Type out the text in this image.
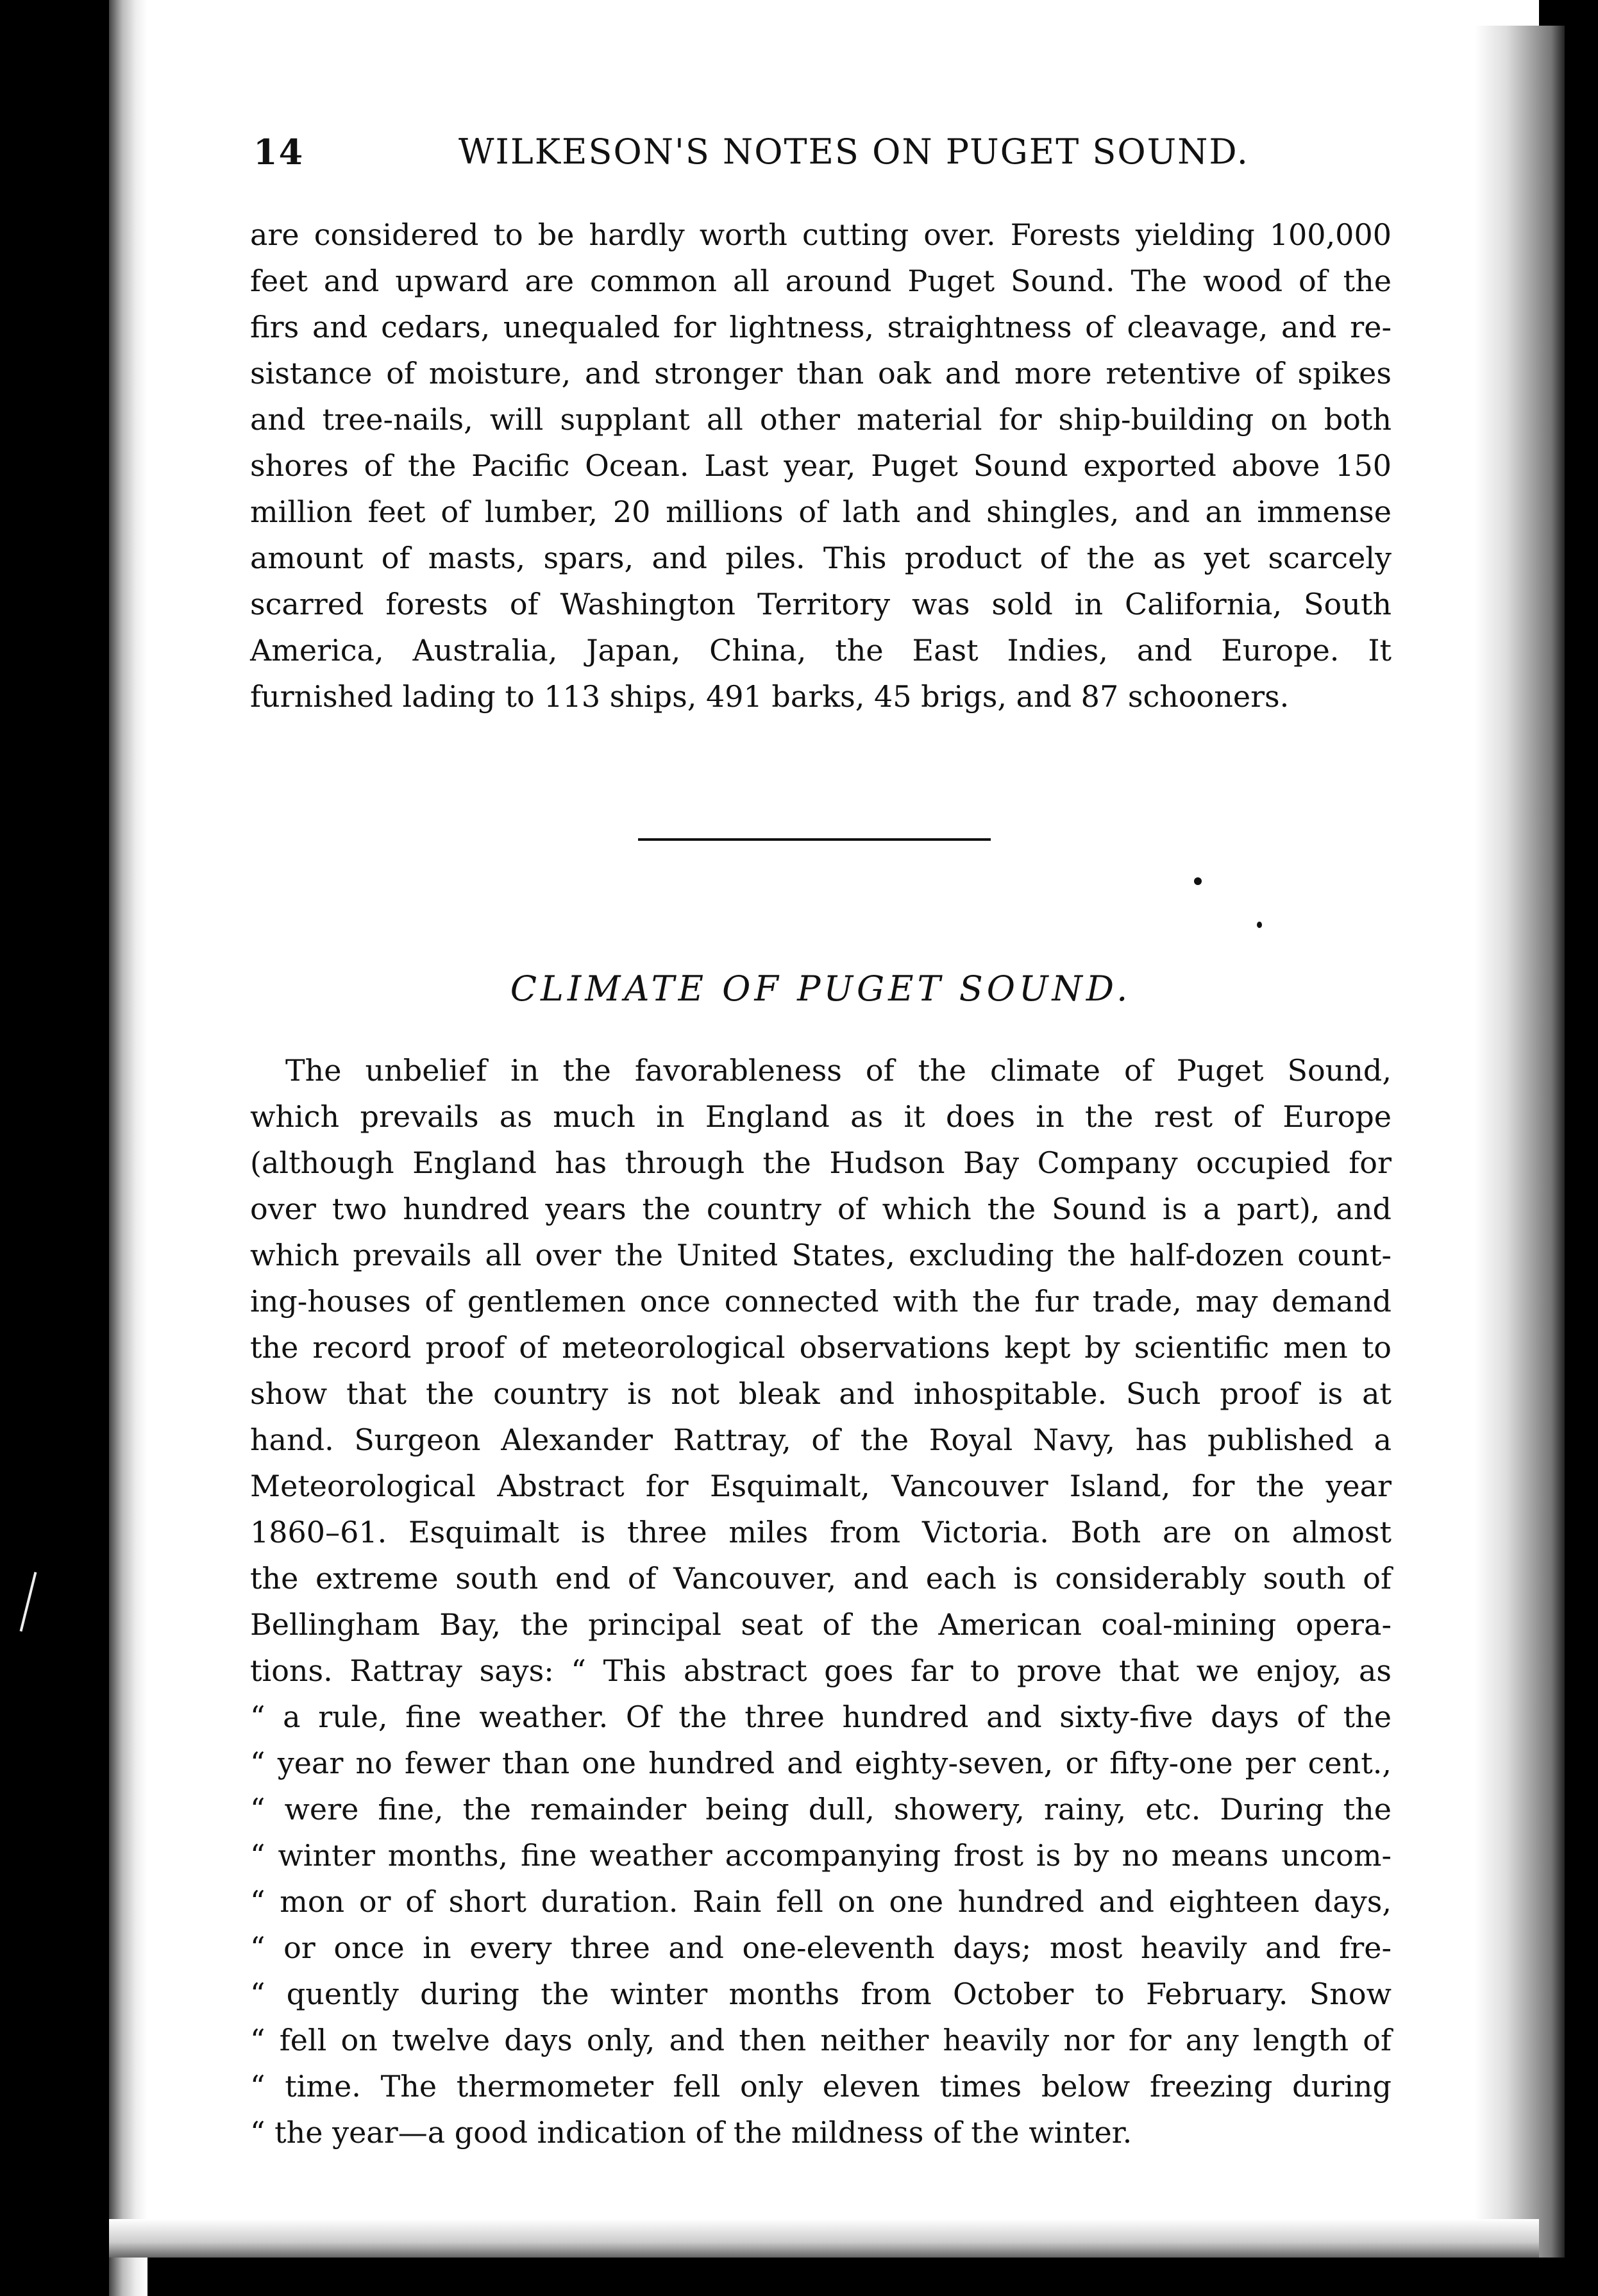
14	WILKESON'S NOTES ON PUGET SOUND.
are considered to be hardly worth cutting over. Forests yielding 100,000
feet and upward are common all around Puget Sound. The wood of the
firs and cedars, unequaled for lightness, straightness of cleavage, and re-
sistance of moisture, and stronger than oak and more retentive of spikes
and tree-nails, will supplant all other material for ship-building on both
shores of the Pacific Ocean. Last year, Puget Sound exported above 150
million feet of lumber, 20 millions of lath and shingles, and an immense
amount of masts, spars, and piles. This product of the as yet scarcely
scarred forests of Washington Territory was sold in California, South
America, Australia, Japan, China, the East Indies, and Europe. It
furnished lading to 113 ships, 491 barks, 45 brigs, and 87 schooners.
CLIMATE OF PUGET SOUND.
The unbelief in the favorableness of the climate of Puget Sound,
which prevails as much in England as it does in the rest of Europe
(although England has through the Hudson Bay Company occupied for
over two hundred years the country of which the Sound is a part), and
which prevails all over the United States, excluding the half-dozen count-
ing-houses of gentlemen once connected with the fur trade, may demand
the record proof of meteorological observations kept by scientific men to
show that the country is not bleak and inhospitable. Such proof is at
hand. Surgeon Alexander Rattray, of the Royal Navy, has published a
Meteorological Abstract for Esquimalt, Vancouver Island, for the year
1860–61. Esquimalt is three miles from Victoria. Both are on almost
the extreme south end of Vancouver, and each is considerably south of
Bellingham Bay, the principal seat of the American coal-mining opera-
tions. Rattray says: “ This abstract goes far to prove that we enjoy, as
“ a rule, fine weather. Of the three hundred and sixty-five days of the
“ year no fewer than one hundred and eighty-seven, or fifty-one per cent.,
“ were fine, the remainder being dull, showery, rainy, etc. During the
“ winter months, fine weather accompanying frost is by no means uncom-
“ mon or of short duration. Rain fell on one hundred and eighteen days,
“ or once in every three and one-eleventh days; most heavily and fre-
“ quently during the winter months from October to February. Snow
“ fell on twelve days only, and then neither heavily nor for any length of
“ time. The thermometer fell only eleven times below freezing during
“ the year—a good indication of the mildness of the winter.
